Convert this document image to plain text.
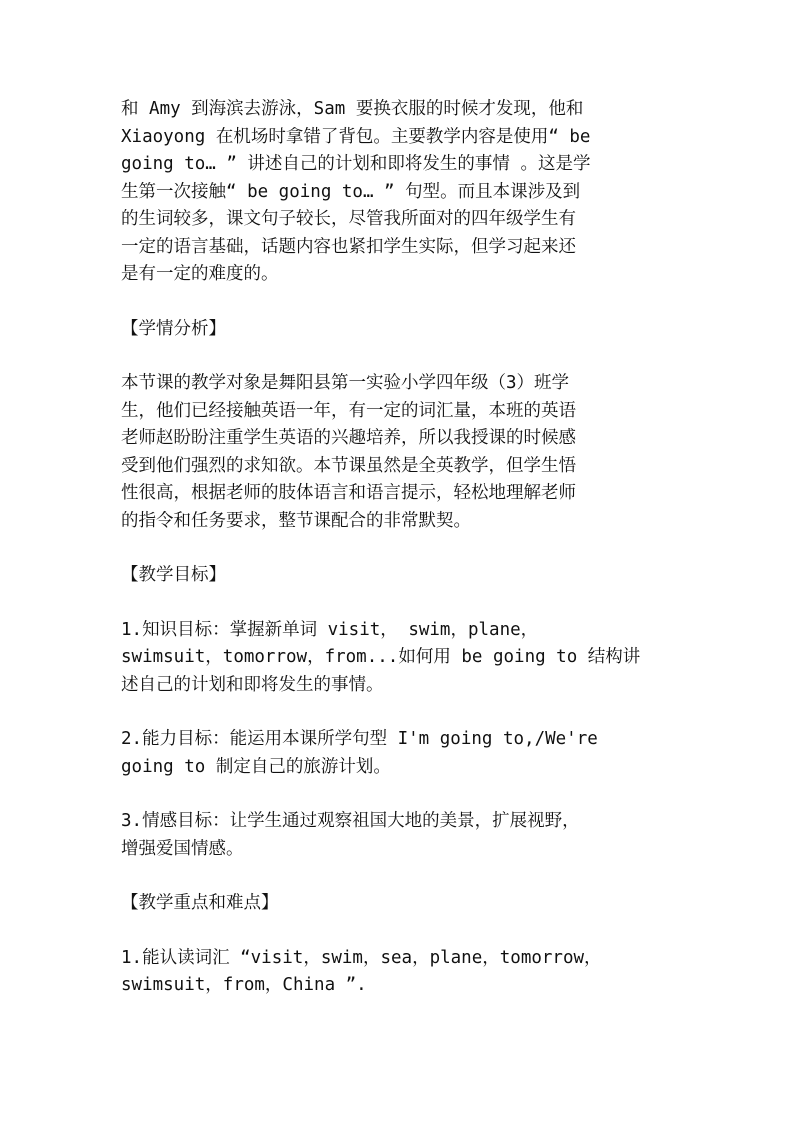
和 Amy 到海滨去游泳，Sam 要换衣服的时候才发现，他和
Xiaoyong 在机场时拿错了背包。主要教学内容是使用“ be
going to… ” 讲述自己的计划和即将发生的事情 。这是学
生第一次接触“ be going to… ” 句型。而且本课涉及到
的生词较多，课文句子较长，尽管我所面对的四年级学生有
一定的语言基础，话题内容也紧扣学生实际，但学习起来还
是有一定的难度的。

【学情分析】

本节课的教学对象是舞阳县第一实验小学四年级（3）班学
生，他们已经接触英语一年，有一定的词汇量，本班的英语
老师赵盼盼注重学生英语的兴趣培养，所以我授课的时候感
受到他们强烈的求知欲。本节课虽然是全英教学，但学生悟
性很高，根据老师的肢体语言和语言提示，轻松地理解老师
的指令和任务要求，整节课配合的非常默契。

【教学目标】

1.知识目标：掌握新单词 visit， swim，plane，
swimsuit，tomorrow，from...如何用 be going to 结构讲
述自己的计划和即将发生的事情。

2.能力目标：能运用本课所学句型 I'm going to,/We're
going to 制定自己的旅游计划。

3.情感目标：让学生通过观察祖国大地的美景，扩展视野，
增强爱国情感。

【教学重点和难点】

1.能认读词汇 “visit，swim，sea，plane，tomorrow，
swimsuit，from，China ”.
